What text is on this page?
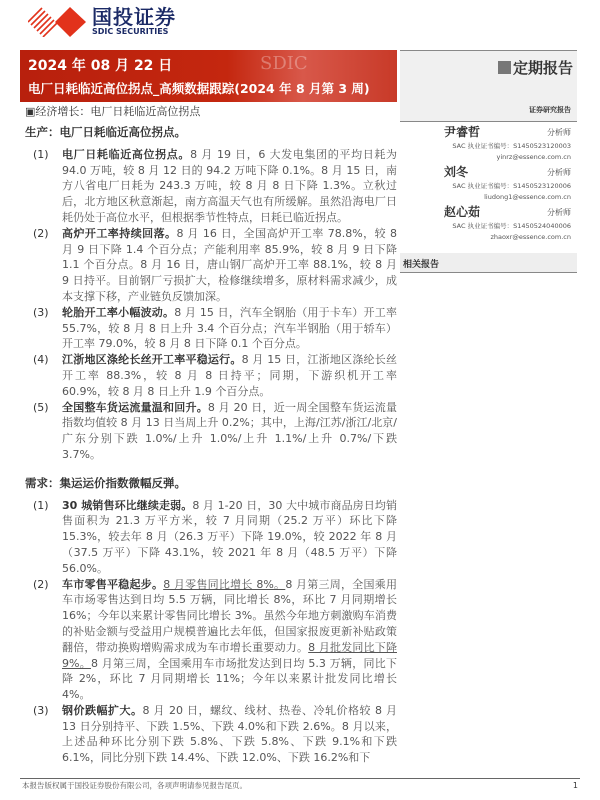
国投证券
SDIC SECURITIES
SDIC
2024 年 08 月 22 日
电厂日耗临近高位拐点_高频数据跟踪(2024 年 8 月第 3 周)
定期报告
证券研究报告
尹睿哲	分析师
SAC 执业证书编号：S1450523120003
yinrz@essence.com.cn
刘冬	分析师
SAC 执业证书编号：S1450523120006
liudong1@essence.com.cn
赵心茹	分析师
SAC 执业证书编号：S1450524040006
zhaoxr@essence.com.cn
相关报告
▣经济增长：电厂日耗临近高位拐点
生产：电厂日耗临近高位拐点。
(1)	电厂日耗临近高位拐点。8 月 19 日，6 大发电集团的平均日耗为 94.0 万吨，较 8 月 12 日的 94.2 万吨下降 0.1%。8 月 15 日，南方八省电厂日耗为 243.3 万吨，较 8 月 8 日下降 1.3%。立秋过后，北方地区秋意渐起，南方高温天气也有所缓解。虽然沿海电厂日耗仍处于高位水平，但根据季节性特点，日耗已临近拐点。
(2)	高炉开工率持续回落。8 月 16 日，全国高炉开工率 78.8%，较 8 月 9 日下降 1.4 个百分点；产能利用率 85.9%，较 8 月 9 日下降 1.1 个百分点。8 月 16 日，唐山钢厂高炉开工率 88.1%，较 8 月 9 日持平。目前钢厂亏损扩大，检修继续增多，原材料需求减少，成本支撑下移，产业链负反馈加深。
(3)	轮胎开工率小幅波动。8 月 15 日，汽车全钢胎（用于卡车）开工率 55.7%，较 8 月 8 日上升 3.4 个百分点；汽车半钢胎（用于轿车）开工率 79.0%，较 8 月 8 日下降 0.1 个百分点。
(4)	江浙地区涤纶长丝开工率平稳运行。8 月 15 日，江浙地区涤纶长丝开工率 88.3%，较 8 月 8 日持平；同期，下游织机开工率 60.9%，较 8 月 8 日上升 1.9 个百分点。
(5)	全国整车货运流量温和回升。8 月 20 日，近一周全国整车货运流量指数均值较 8 月 13 日当周上升 0.2%；其中，上海/江苏/浙江/北京/广东分别下跌 1.0%/上升 1.0%/上升 1.1%/上升 0.7%/下跌 3.7%。
需求：集运运价指数微幅反弹。
(1)	30 城销售环比继续走弱。8 月 1-20 日，30 大中城市商品房日均销售面积为 21.3 万平方米，较 7 月同期（25.2 万平）环比下降 15.3%，较去年 8 月（26.3 万平）下降 19.0%，较 2022 年 8 月（37.5 万平）下降 43.1%，较 2021 年 8 月（48.5 万平）下降 56.0%。
(2)	车市零售平稳起步。8 月零售同比增长 8%。8 月第三周，全国乘用车市场零售达到日均 5.5 万辆，同比增长 8%，环比 7 月同期增长 16%；今年以来累计零售同比增长 3%。虽然今年地方刺激购车消费的补贴金额与受益用户规模普遍比去年低，但国家报废更新补贴政策翻倍，带动换购增购需求成为车市增长重要动力。8 月批发同比下降 9%。8 月第三周，全国乘用车市场批发达到日均 5.3 万辆，同比下降 2%，环比 7 月同期增长 11%；今年以来累计批发同比增长 4%。
(3)	钢价跌幅扩大。8 月 20 日，螺纹、线材、热卷、冷轧价格较 8 月 13 日分别持平、下跌 1.5%、下跌 4.0%和下跌 2.6%。8 月以来，上述品种环比分别下跌 5.8%、下跌 5.8%、下跌 9.1%和下跌 6.1%，同比分别下跌 14.4%、下跌 12.0%、下跌 16.2%和下
本报告版权属于国投证券股份有限公司，各项声明请参见报告尾页。	1
